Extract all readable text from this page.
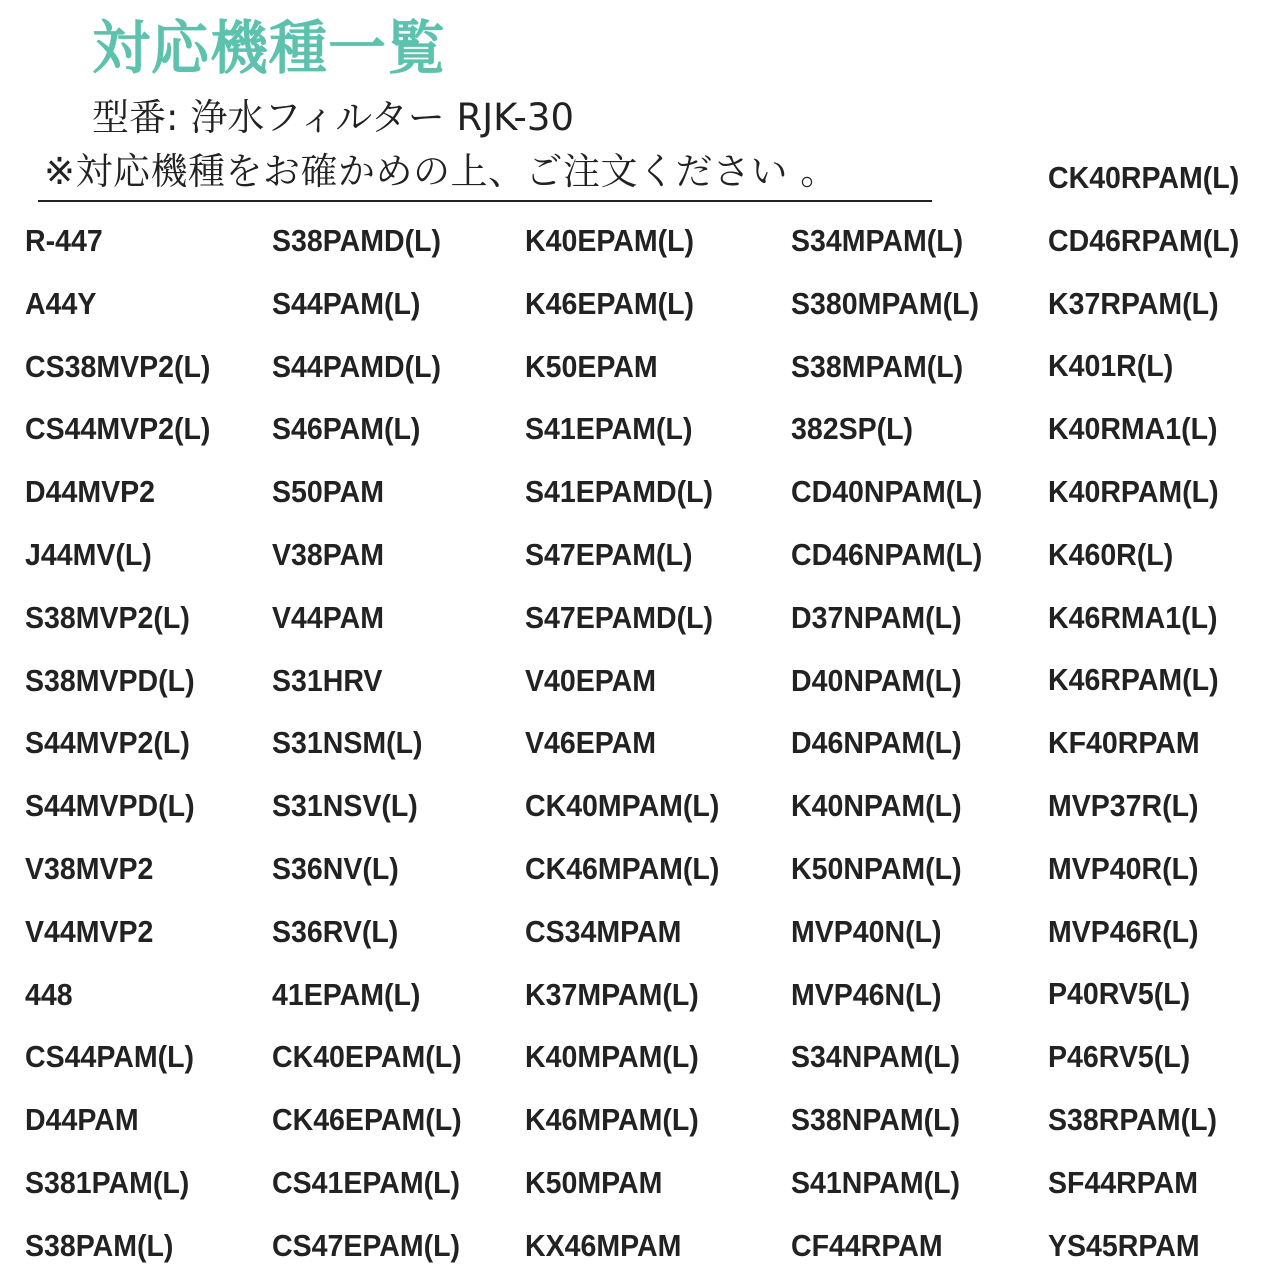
対応機種一覧
型番: 浄水フィルター RJK-30
※対応機種をお確かめの上、ご注文ください 。
R-447
A44Y
CS38MVP2(L)
CS44MVP2(L)
D44MVP2
J44MV(L)
S38MVP2(L)
S38MVPD(L)
S44MVP2(L)
S44MVPD(L)
V38MVP2
V44MVP2
448
CS44PAM(L)
D44PAM
S381PAM(L)
S38PAM(L)
S38PAMD(L)
S44PAM(L)
S44PAMD(L)
S46PAM(L)
S50PAM
V38PAM
V44PAM
S31HRV
S31NSM(L)
S31NSV(L)
S36NV(L)
S36RV(L)
41EPAM(L)
CK40EPAM(L)
CK46EPAM(L)
CS41EPAM(L)
CS47EPAM(L)
K40EPAM(L)
K46EPAM(L)
K50EPAM
S41EPAM(L)
S41EPAMD(L)
S47EPAM(L)
S47EPAMD(L)
V40EPAM
V46EPAM
CK40MPAM(L)
CK46MPAM(L)
CS34MPAM
K37MPAM(L)
K40MPAM(L)
K46MPAM(L)
K50MPAM
KX46MPAM
S34MPAM(L)
S380MPAM(L)
S38MPAM(L)
382SP(L)
CD40NPAM(L)
CD46NPAM(L)
D37NPAM(L)
D40NPAM(L)
D46NPAM(L)
K40NPAM(L)
K50NPAM(L)
MVP40N(L)
MVP46N(L)
S34NPAM(L)
S38NPAM(L)
S41NPAM(L)
CF44RPAM
CK40RPAM(L)
CD46RPAM(L)
K37RPAM(L)
K401R(L)
K40RMA1(L)
K40RPAM(L)
K460R(L)
K46RMA1(L)
K46RPAM(L)
KF40RPAM
MVP37R(L)
MVP40R(L)
MVP46R(L)
P40RV5(L)
P46RV5(L)
S38RPAM(L)
SF44RPAM
YS45RPAM
